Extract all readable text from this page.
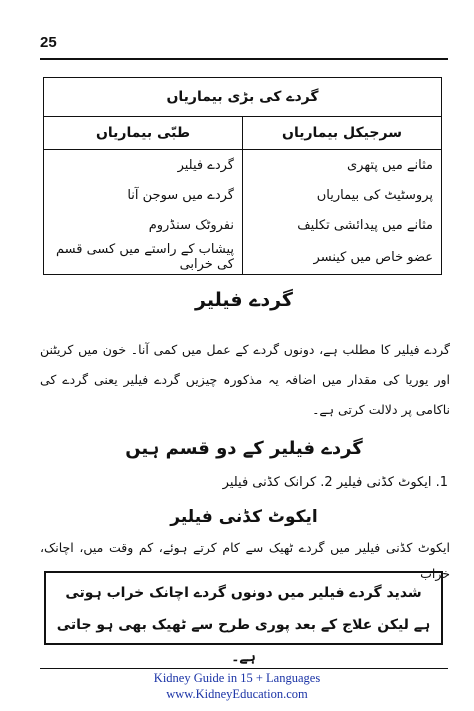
25
گردے کی بڑی بیماریاں	
سرجیکل بیماریاں	طبّی بیماریاں
مثانے میں پتھری	گردے فیلیر
پروسٹیٹ کی بیماریاں	گردے میں سوجن آنا
مثانے میں پیدائشی تکلیف	نفروٹک سنڈروم
عضو خاص میں کینسر	پیشاب کے راستے میں کسی قسم کی خرابی
گردے فیلیر
گردے فیلیر کا مطلب ہے، دونوں گردے کے عمل میں کمی آنا۔ خون میں کریٹنن اور یوریا کی مقدار میں اضافہ یہ مذکورہ چیزیں گردے فیلیر یعنی گردے کی ناکامی پر دلالت کرتی ہے۔
گردے فیلیر کے دو قسم ہیں
1. ایکوٹ کڈنی فیلیر 2. کرانک کڈنی فیلیر
ایکوٹ کڈنی فیلیر
ایکوٹ کڈنی فیلیر میں گردے ٹھیک سے کام کرتے ہوئے، کم وقت میں، اچانک، خراب
شدید گردے فیلیر میں دونوں گردے اچانک خراب ہوتی ہے لیکن علاج کے بعد پوری طرح سے ٹھیک بھی ہو جاتی ہے۔
Kidney Guide in 15 + Languages
www.KidneyEducation.com
